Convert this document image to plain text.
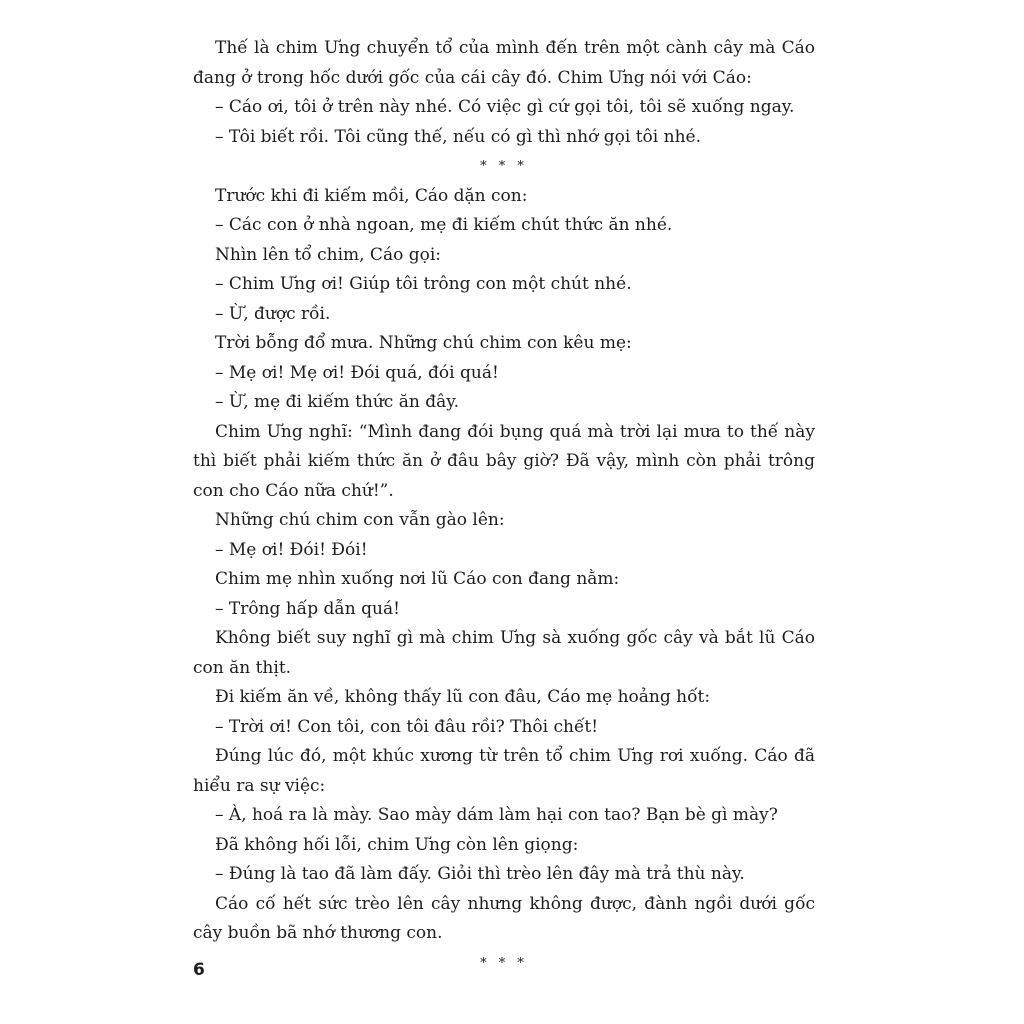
Thế là chim Ưng chuyển tổ của mình đến trên một cành cây mà Cáo đang ở trong hốc dưới gốc của cái cây đó. Chim Ưng nói với Cáo:

– Cáo ơi, tôi ở trên này nhé. Có việc gì cứ gọi tôi, tôi sẽ xuống ngay.

– Tôi biết rồi. Tôi cũng thế, nếu có gì thì nhớ gọi tôi nhé.

* * *

Trước khi đi kiếm mồi, Cáo dặn con:

– Các con ở nhà ngoan, mẹ đi kiếm chút thức ăn nhé.

Nhìn lên tổ chim, Cáo gọi:

– Chim Ưng ơi! Giúp tôi trông con một chút nhé.

– Ừ, được rồi.

Trời bỗng đổ mưa. Những chú chim con kêu mẹ:

– Mẹ ơi! Mẹ ơi! Đói quá, đói quá!

– Ừ, mẹ đi kiếm thức ăn đây.

Chim Ưng nghĩ: “Mình đang đói bụng quá mà trời lại mưa to thế này thì biết phải kiếm thức ăn ở đâu bây giờ? Đã vậy, mình còn phải trông con cho Cáo nữa chứ!”.

Những chú chim con vẫn gào lên:

– Mẹ ơi! Đói! Đói!

Chim mẹ nhìn xuống nơi lũ Cáo con đang nằm:

– Trông hấp dẫn quá!

Không biết suy nghĩ gì mà chim Ưng sà xuống gốc cây và bắt lũ Cáo con ăn thịt.

Đi kiếm ăn về, không thấy lũ con đâu, Cáo mẹ hoảng hốt:

– Trời ơi! Con tôi, con tôi đâu rồi? Thôi chết!

Đúng lúc đó, một khúc xương từ trên tổ chim Ưng rơi xuống. Cáo đã hiểu ra sự việc:

– À, hoá ra là mày. Sao mày dám làm hại con tao? Bạn bè gì mày?

Đã không hối lỗi, chim Ưng còn lên giọng:

– Đúng là tao đã làm đấy. Giỏi thì trèo lên đây mà trả thù này.

Cáo cố hết sức trèo lên cây nhưng không được, đành ngồi dưới gốc cây buồn bã nhớ thương con.

* * *

6
